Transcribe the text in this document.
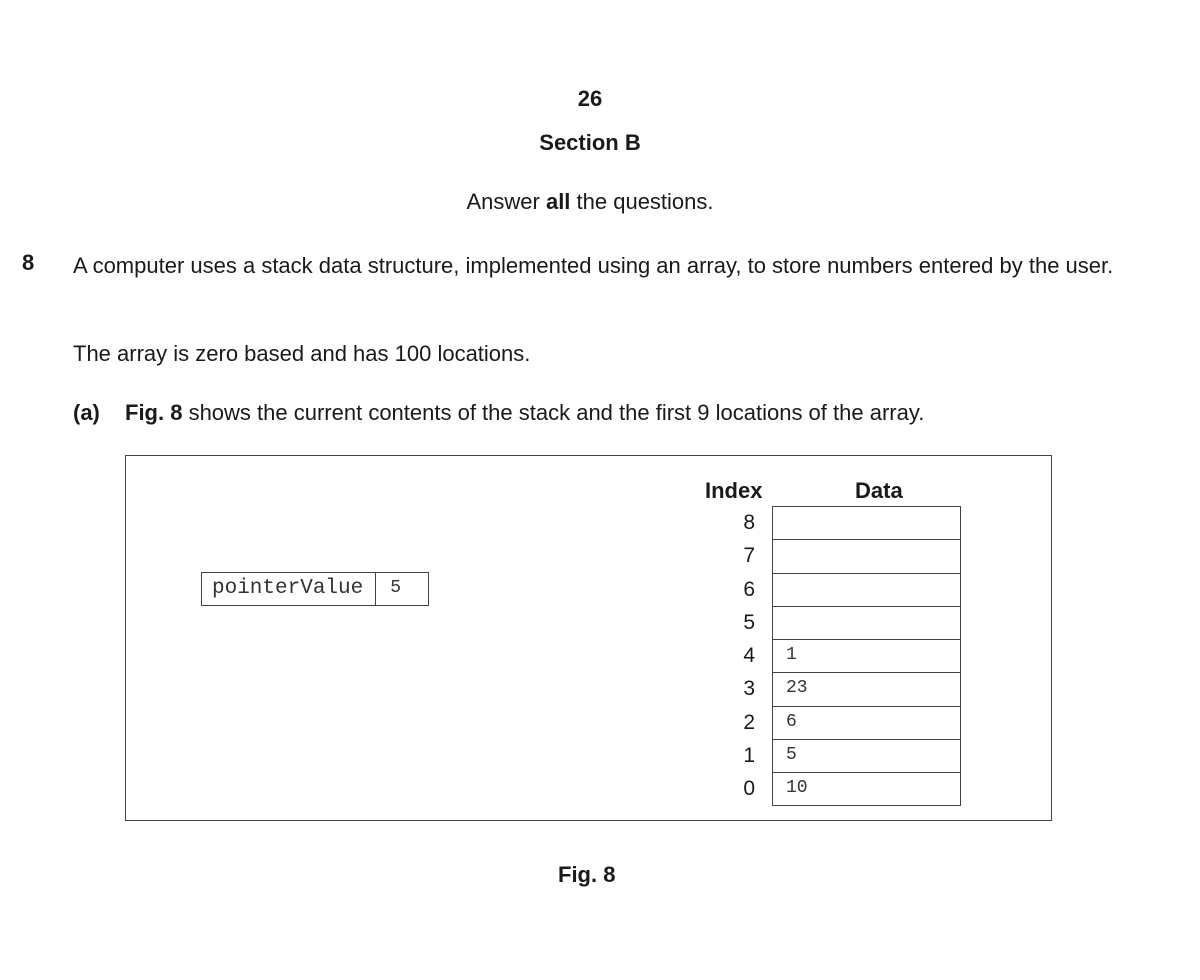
26
Section B
Answer all the questions.
8 A computer uses a stack data structure, implemented using an array, to store numbers entered by the user.
The array is zero based and has 100 locations.
(a) Fig. 8 shows the current contents of the stack and the first 9 locations of the array.
pointerValue	5
Index	Data
8
7
6
5
4	1
3	23
2	6
1	5
0	10
Fig. 8
